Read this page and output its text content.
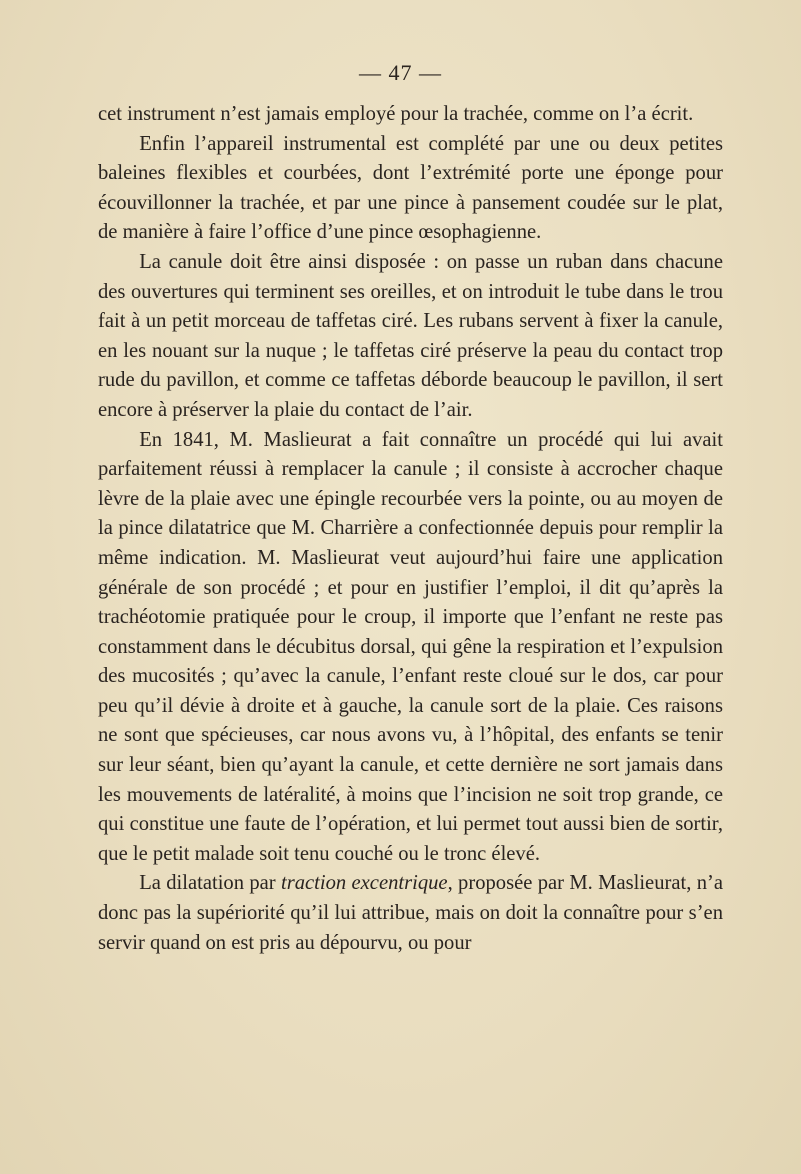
— 47 —

cet instrument n’est jamais employé pour la trachée, comme on l’a écrit.

Enfin l’appareil instrumental est complété par une ou deux petites baleines flexibles et courbées, dont l’extrémité porte une éponge pour écouvillonner la trachée, et par une pince à pansement coudée sur le plat, de manière à faire l’office d’une pince œsophagienne.

La canule doit être ainsi disposée : on passe un ruban dans chacune des ouvertures qui terminent ses oreilles, et on introduit le tube dans le trou fait à un petit morceau de taffetas ciré. Les rubans servent à fixer la canule, en les nouant sur la nuque ; le taffetas ciré préserve la peau du contact trop rude du pavillon, et comme ce taffetas déborde beaucoup le pavillon, il sert encore à préserver la plaie du contact de l’air.

En 1841, M. Maslieurat a fait connaître un procédé qui lui avait parfaitement réussi à remplacer la canule ; il consiste à accrocher chaque lèvre de la plaie avec une épingle recourbée vers la pointe, ou au moyen de la pince dilatatrice que M. Charrière a confectionnée depuis pour remplir la même indication. M. Maslieurat veut aujourd’hui faire une application générale de son procédé ; et pour en justifier l’emploi, il dit qu’après la trachéotomie pratiquée pour le croup, il importe que l’enfant ne reste pas constamment dans le décubitus dorsal, qui gêne la respiration et l’expulsion des mucosités ; qu’avec la canule, l’enfant reste cloué sur le dos, car pour peu qu’il dévie à droite et à gauche, la canule sort de la plaie. Ces raisons ne sont que spécieuses, car nous avons vu, à l’hôpital, des enfants se tenir sur leur séant, bien qu’ayant la canule, et cette dernière ne sort jamais dans les mouvements de latéralité, à moins que l’incision ne soit trop grande, ce qui constitue une faute de l’opération, et lui permet tout aussi bien de sortir, que le petit malade soit tenu couché ou le tronc élevé.

La dilatation par traction excentrique, proposée par M. Maslieurat, n’a donc pas la supériorité qu’il lui attribue, mais on doit la connaître pour s’en servir quand on est pris au dépourvu, ou pour
